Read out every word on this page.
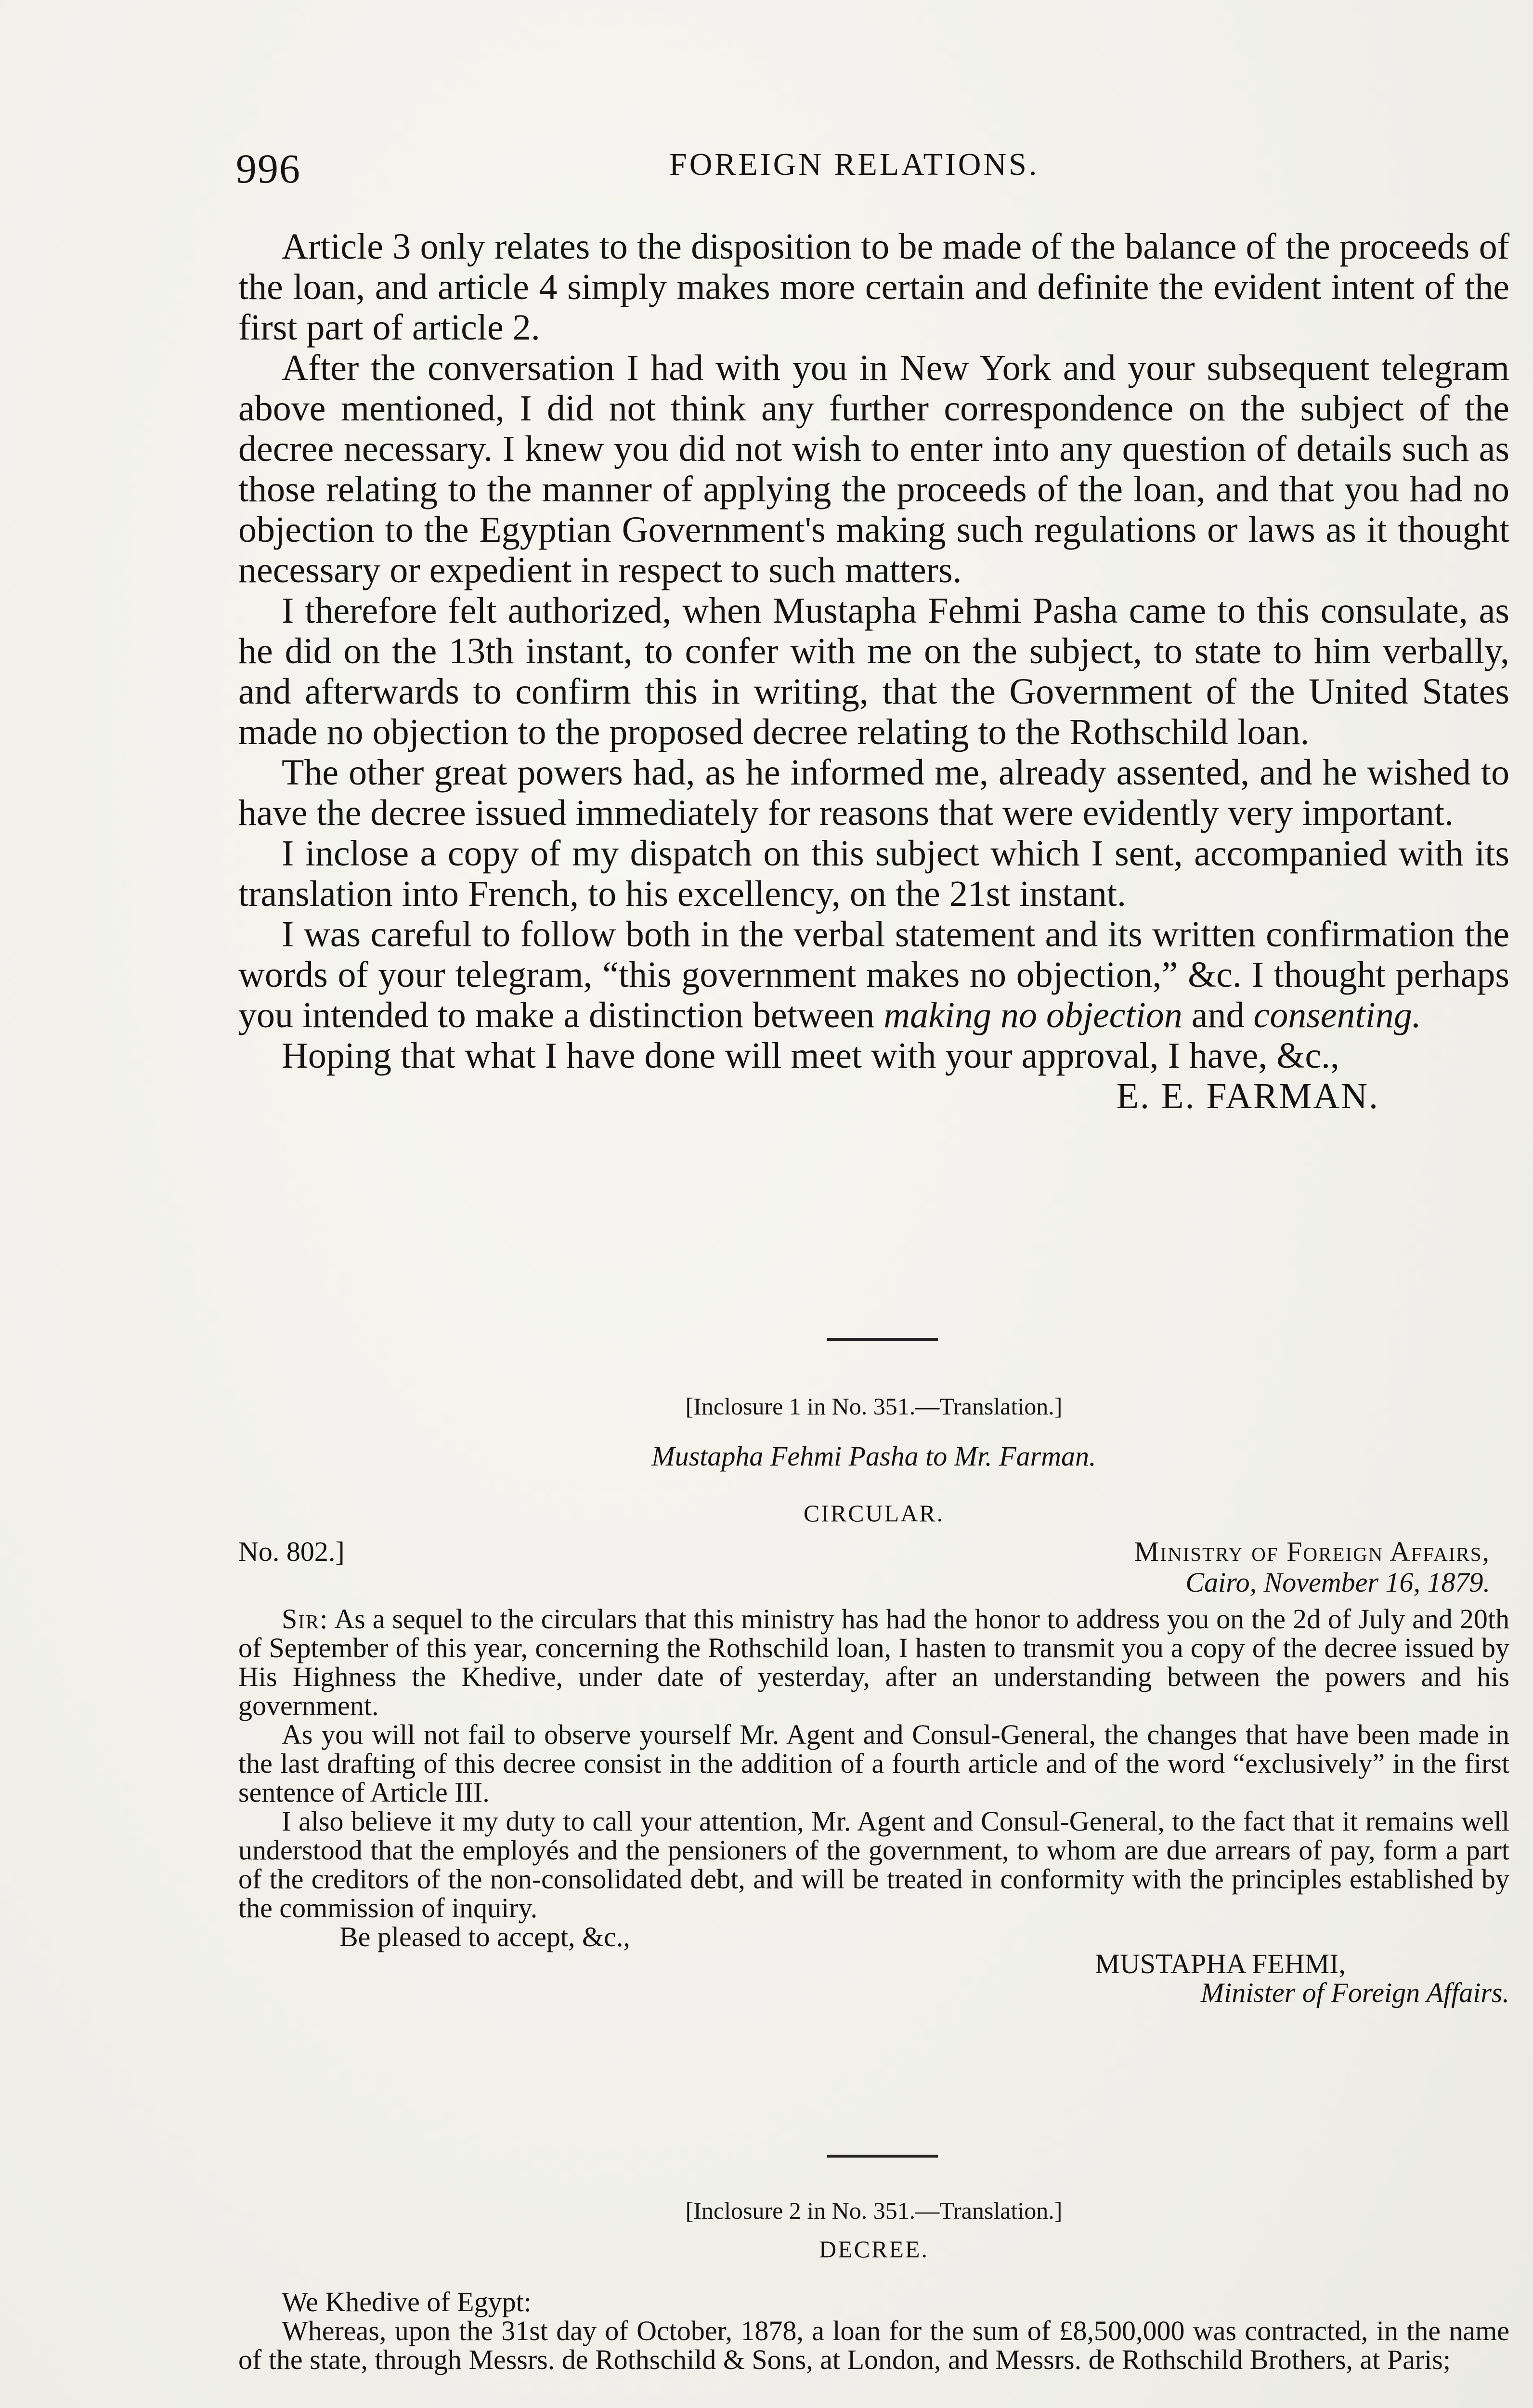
996	FOREIGN RELATIONS.

Article 3 only relates to the disposition to be made of the balance of the proceeds of the loan, and article 4 simply makes more certain and definite the evident intent of the first part of article 2.

After the conversation I had with you in New York and your subsequent telegram above mentioned, I did not think any further correspondence on the subject of the decree necessary. I knew you did not wish to enter into any question of details such as those relating to the manner of applying the proceeds of the loan, and that you had no objection to the Egyptian Government's making such regulations or laws as it thought necessary or expedient in respect to such matters.

I therefore felt authorized, when Mustapha Fehmi Pasha came to this consulate, as he did on the 13th instant, to confer with me on the subject, to state to him verbally, and afterwards to confirm this in writing, that the Government of the United States made no objection to the proposed decree relating to the Rothschild loan.

The other great powers had, as he informed me, already assented, and he wished to have the decree issued immediately for reasons that were evidently very important.

I inclose a copy of my dispatch on this subject which I sent, accompanied with its translation into French, to his excellency, on the 21st instant.

I was careful to follow both in the verbal statement and its written confirmation the words of your telegram, “this government makes no objection,” &c. I thought perhaps you intended to make a distinction between making no objection and consenting.

Hoping that what I have done will meet with your approval, I have, &c.,

E. E. FARMAN.
[Inclosure 1 in No. 351.—Translation.]
Mustapha Fehmi Pasha to Mr. Farman.
CIRCULAR.
No. 802.]	Ministry of Foreign Affairs,
Cairo, November 16, 1879.

Sir: As a sequel to the circulars that this ministry has had the honor to address you on the 2d of July and 20th of September of this year, concerning the Rothschild loan, I hasten to transmit you a copy of the decree issued by His Highness the Khedive, under date of yesterday, after an understanding between the powers and his government.

As you will not fail to observe yourself Mr. Agent and Consul-General, the changes that have been made in the last drafting of this decree consist in the addition of a fourth article and of the word “exclusively” in the first sentence of Article III.

I also believe it my duty to call your attention, Mr. Agent and Consul-General, to the fact that it remains well understood that the employés and the pensioners of the government, to whom are due arrears of pay, form a part of the creditors of the non-consolidated debt, and will be treated in conformity with the principles established by the commission of inquiry.

Be pleased to accept, &c.,

MUSTAPHA FEHMI,
Minister of Foreign Affairs.
[Inclosure 2 in No. 351.—Translation.]
DECREE.

We Khedive of Egypt:

Whereas, upon the 31st day of October, 1878, a loan for the sum of £8,500,000 was contracted, in the name of the state, through Messrs. de Rothschild & Sons, at London, and Messrs. de Rothschild Brothers, at Paris;
